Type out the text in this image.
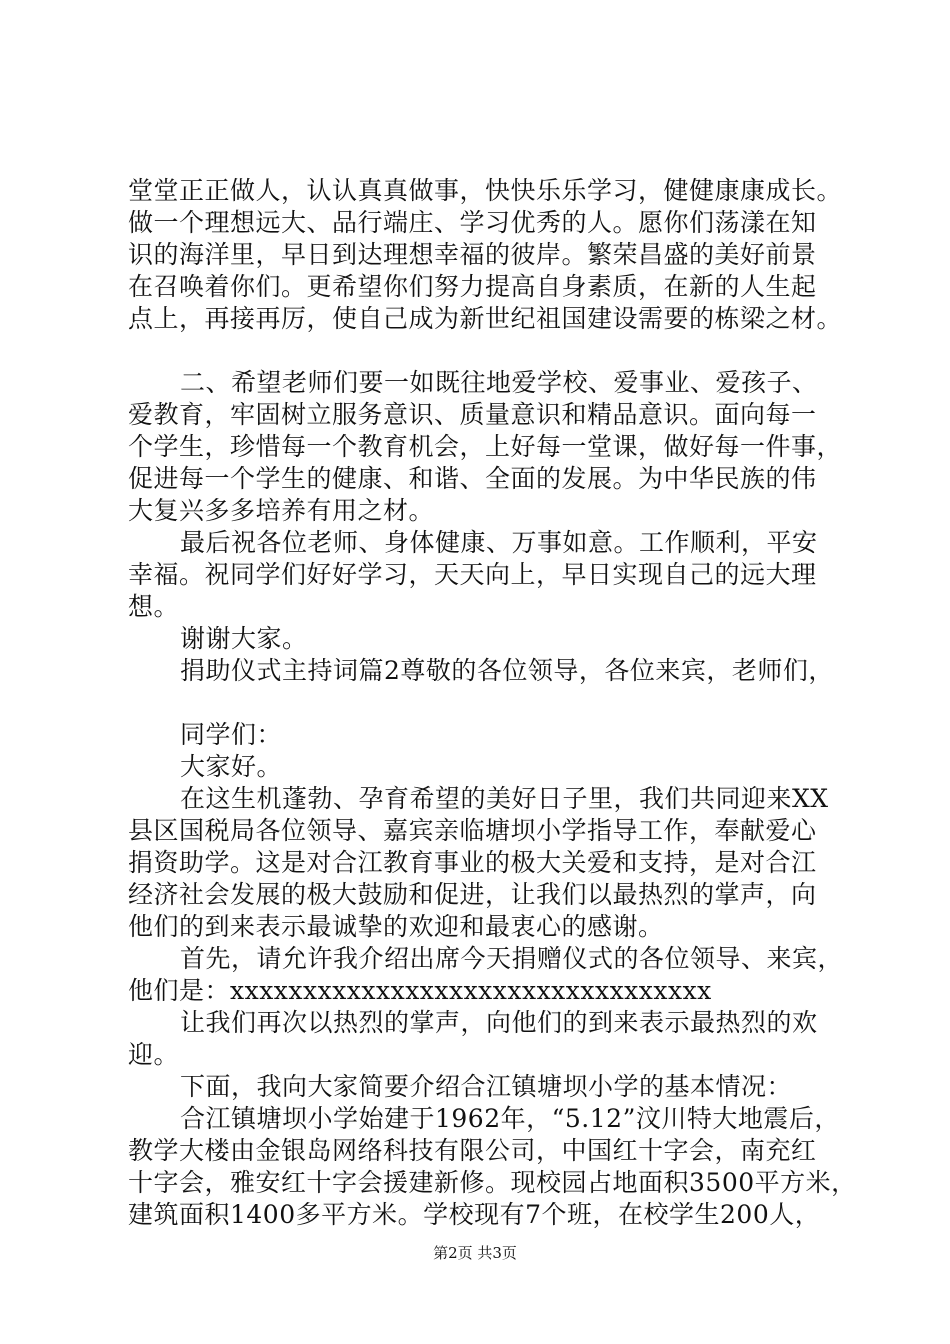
堂堂正正做人，认认真真做事，快快乐乐学习，健健康康成长。
做一个理想远大、品行端庄、学习优秀的人。愿你们荡漾在知
识的海洋里，早日到达理想幸福的彼岸。繁荣昌盛的美好前景
在召唤着你们。更希望你们努力提高自身素质，在新的人生起
点上，再接再厉，使自己成为新世纪祖国建设需要的栋梁之材。
二、希望老师们要一如既往地爱学校、爱事业、爱孩子、
爱教育，牢固树立服务意识、质量意识和精品意识。面向每一
个学生，珍惜每一个教育机会，上好每一堂课，做好每一件事，
促进每一个学生的健康、和谐、全面的发展。为中华民族的伟
大复兴多多培养有用之材。
最后祝各位老师、身体健康、万事如意。工作顺利，平安
幸福。祝同学们好好学习，天天向上，早日实现自己的远大理
想。
谢谢大家。
捐助仪式主持词篇2尊敬的各位领导，各位来宾，老师们，
同学们：
大家好。
在这生机蓬勃、孕育希望的美好日子里，我们共同迎来XX
县区国税局各位领导、嘉宾亲临塘坝小学指导工作，奉献爱心
捐资助学。这是对合江教育事业的极大关爱和支持，是对合江
经济社会发展的极大鼓励和促进，让我们以最热烈的掌声，向
他们的到来表示最诚挚的欢迎和最衷心的感谢。
首先，请允许我介绍出席今天捐赠仪式的各位领导、来宾，
他们是：xxxxxxxxxxxxxxxxxxxxxxxxxxxxxxxxx
让我们再次以热烈的掌声，向他们的到来表示最热烈的欢
迎。
下面，我向大家简要介绍合江镇塘坝小学的基本情况：
合江镇塘坝小学始建于1962年，“5.12”汶川特大地震后，
教学大楼由金银岛网络科技有限公司，中国红十字会，南充红
十字会，雅安红十字会援建新修。现校园占地面积3500平方米，
建筑面积1400多平方米。学校现有7个班，在校学生200人，
第2页 共3页
